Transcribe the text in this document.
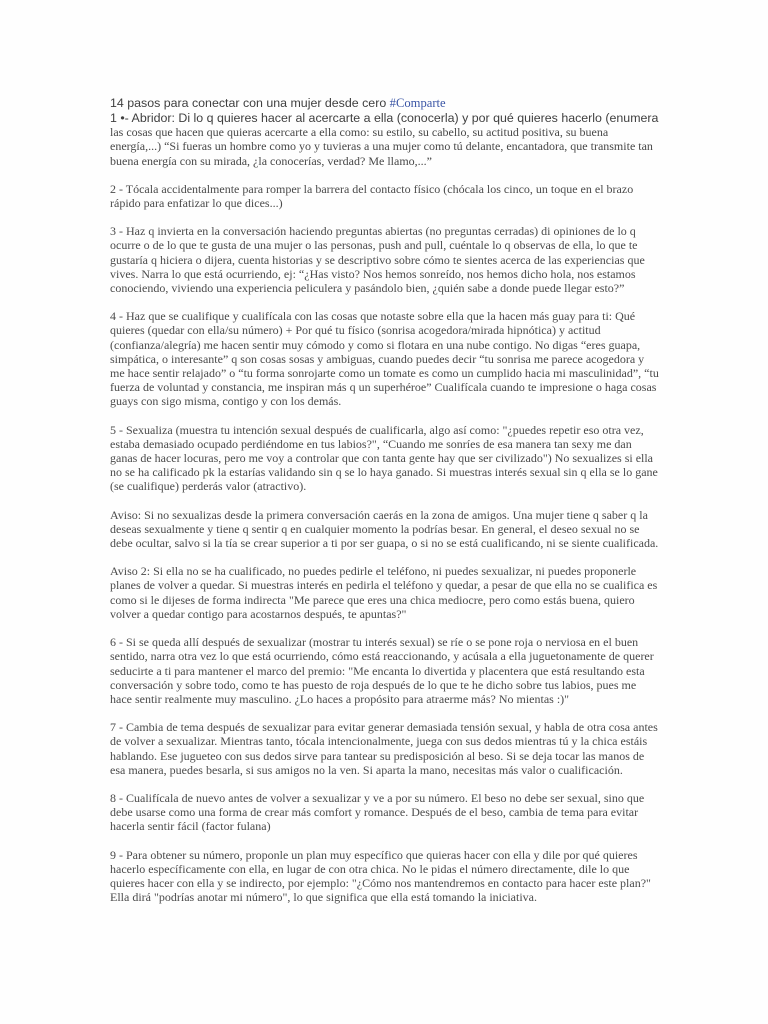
14 pasos para conectar con una mujer desde cero #Comparte

1 •- Abridor: Di lo q quieres hacer al acercarte a ella (conocerla) y por qué quieres hacerlo (enumera las cosas que hacen que quieras acercarte a ella como: su estilo, su cabello, su actitud positiva, su buena energía,...) “Si fueras un hombre como yo y tuvieras a una mujer como tú delante, encantadora, que transmite tan buena energía con su mirada, ¿la conocerías, verdad? Me llamo,...”

2 - Tócala accidentalmente para romper la barrera del contacto físico (chócala los cinco, un toque en el brazo rápido para enfatizar lo que dices...)

3 - Haz q invierta en la conversación haciendo preguntas abiertas (no preguntas cerradas) di opiniones de lo q ocurre o de lo que te gusta de una mujer o las personas, push and pull, cuéntale lo q observas de ella, lo que te gustaría q hiciera o dijera, cuenta historias y se descriptivo sobre cómo te sientes acerca de las experiencias que vives. Narra lo que está ocurriendo, ej: “¿Has visto? Nos hemos sonreído, nos hemos dicho hola, nos estamos conociendo, viviendo una experiencia peliculera y pasándolo bien, ¿quién sabe a donde puede llegar esto?”

4 - Haz que se cualifique y cualifícala con las cosas que notaste sobre ella que la hacen más guay para ti: Qué quieres (quedar con ella/su número) + Por qué tu físico (sonrisa acogedora/mirada hipnótica) y actitud (confianza/alegría) me hacen sentir muy cómodo y como si flotara en una nube contigo. No digas “eres guapa, simpática, o interesante” q son cosas sosas y ambiguas, cuando puedes decir “tu sonrisa me parece acogedora y me hace sentir relajado” o “tu forma sonrojarte como un tomate es como un cumplido hacia mi masculinidad”, “tu fuerza de voluntad y constancia, me inspiran más q un superhéroe” Cualifícala cuando te impresione o haga cosas guays con sigo misma, contigo y con los demás.

5 - Sexualiza (muestra tu intención sexual después de cualificarla, algo así como: "¿puedes repetir eso otra vez, estaba demasiado ocupado perdiéndome en tus labios?", “Cuando me sonríes de esa manera tan sexy me dan ganas de hacer locuras, pero me voy a controlar que con tanta gente hay que ser civilizado") No sexualizes si ella no se ha calificado pk la estarías validando sin q se lo haya ganado. Si muestras interés sexual sin q ella se lo gane (se cualifique) perderás valor (atractivo).

Aviso: Si no sexualizas desde la primera conversación caerás en la zona de amigos. Una mujer tiene q saber q la deseas sexualmente y tiene q sentir q en cualquier momento la podrías besar. En general, el deseo sexual no se debe ocultar, salvo si la tía se crear superior a ti por ser guapa, o si no se está cualificando, ni se siente cualificada.

Aviso 2: Si ella no se ha cualificado, no puedes pedirle el teléfono, ni puedes sexualizar, ni puedes proponerle planes de volver a quedar. Si muestras interés en pedirla el teléfono y quedar, a pesar de que ella no se cualifica es como si le dijeses de forma indirecta "Me parece que eres una chica mediocre, pero como estás buena, quiero volver a quedar contigo para acostarnos después, te apuntas?"

6 - Si se queda allí después de sexualizar (mostrar tu interés sexual) se ríe o se pone roja o nerviosa en el buen sentido, narra otra vez lo que está ocurriendo, cómo está reaccionando, y acúsala a ella juguetonamente de querer seducirte a ti para mantener el marco del premio: "Me encanta lo divertida y placentera que está resultando esta conversación y sobre todo, como te has puesto de roja después de lo que te he dicho sobre tus labios, pues me hace sentir realmente muy masculino. ¿Lo haces a propósito para atraerme más? No mientas :)"

7 - Cambia de tema después de sexualizar para evitar generar demasiada tensión sexual, y habla de otra cosa antes de volver a sexualizar. Mientras tanto, tócala intencionalmente, juega con sus dedos mientras tú y la chica estáis hablando. Ese jugueteo con sus dedos sirve para tantear su predisposición al beso. Si se deja tocar las manos de esa manera, puedes besarla, si sus amigos no la ven. Si aparta la mano, necesitas más valor o cualificación.

8 - Cualifícala de nuevo antes de volver a sexualizar y ve a por su número. El beso no debe ser sexual, sino que debe usarse como una forma de crear más comfort y romance. Después de el beso, cambia de tema para evitar hacerla sentir fácil (factor fulana)

9 - Para obtener su número, proponle un plan muy específico que quieras hacer con ella y dile por qué quieres hacerlo específicamente con ella, en lugar de con otra chica. No le pidas el número directamente, dile lo que quieres hacer con ella y se indirecto, por ejemplo: "¿Cómo nos mantendremos en contacto para hacer este plan?" Ella dirá "podrías anotar mi número", lo que significa que ella está tomando la iniciativa.
